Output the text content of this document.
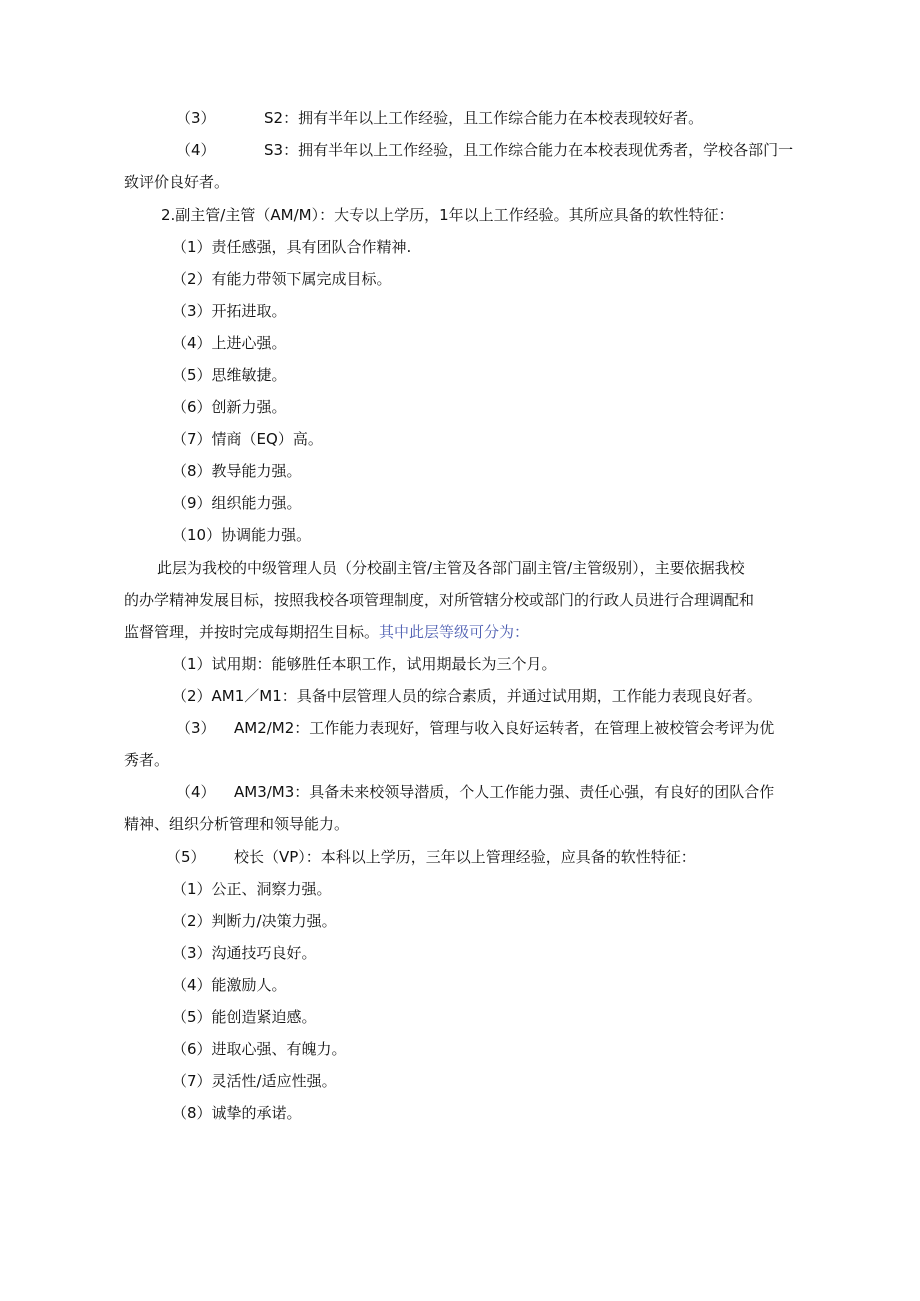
（3）	S2：拥有半年以上工作经验，且工作综合能力在本校表现较好者。
（4）	S3：拥有半年以上工作经验，且工作综合能力在本校表现优秀者，学校各部门一
致评价良好者。
2.副主管/主管（AM/M）：大专以上学历，1年以上工作经验。其所应具备的软性特征：
（1）责任感强，具有团队合作精神.
（2）有能力带领下属完成目标。
（3）开拓进取。
（4）上进心强。
（5）思维敏捷。
（6）创新力强。
（7）情商（EQ）高。
（8）教导能力强。
（9）组织能力强。
（10）协调能力强。
此层为我校的中级管理人员（分校副主管/主管及各部门副主管/主管级别），主要依据我校
的办学精神发展目标，按照我校各项管理制度，对所管辖分校或部门的行政人员进行合理调配和
监督管理，并按时完成每期招生目标。其中此层等级可分为：
（1）试用期：能够胜任本职工作，试用期最长为三个月。
（2）AM1／M1：具备中层管理人员的综合素质，并通过试用期，工作能力表现良好者。
（3） AM2/M2：工作能力表现好，管理与收入良好运转者，在管理上被校管会考评为优
秀者。
（4） AM3/M3：具备未来校领导潜质，个人工作能力强、责任心强，有良好的团队合作
精神、组织分析管理和领导能力。
（5） 校长（VP）：本科以上学历，三年以上管理经验，应具备的软性特征：
（1）公正、洞察力强。
（2）判断力/决策力强。
（3）沟通技巧良好。
（4）能激励人。
（5）能创造紧迫感。
（6）进取心强、有魄力。
（7）灵活性/适应性强。
（8）诚挚的承诺。
